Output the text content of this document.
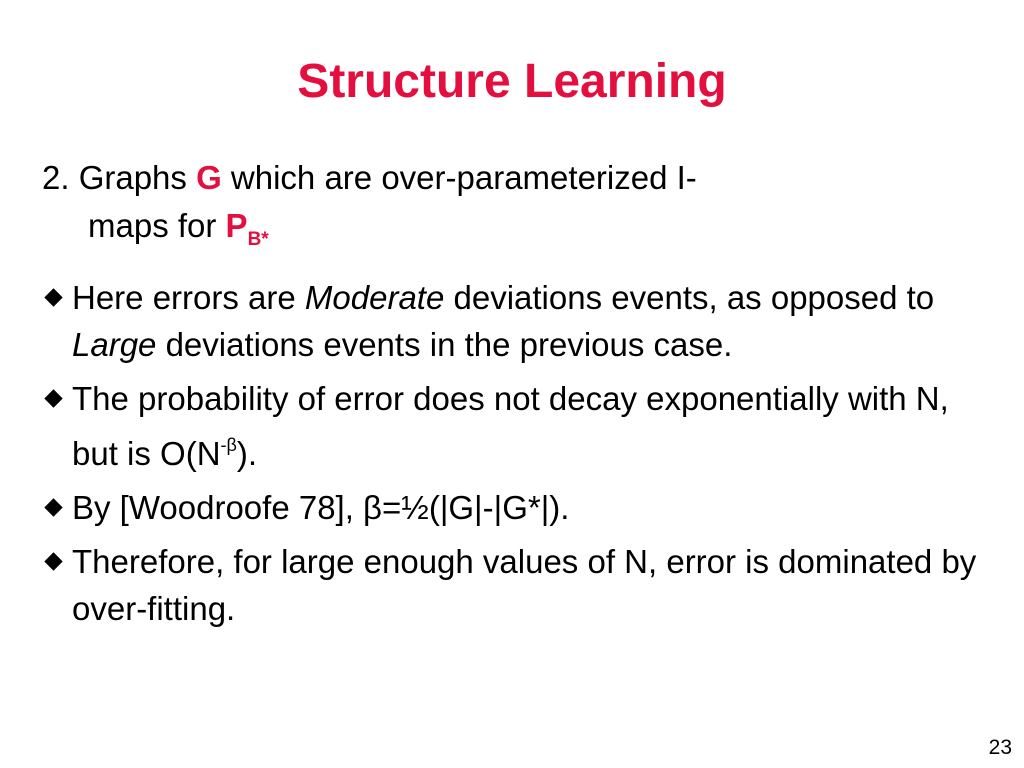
Structure Learning
2. Graphs G which are over-parameterized I-
maps for $P_{B*}$
Here errors are Moderate deviations events, as opposed to Large deviations events in the previous case.
The probability of error does not decay exponentially with N, but is $O(N^{-\beta})$.
By [Woodroofe 78], β=½(|G|-|G*|).
Therefore, for large enough values of N, error is dominated by over-fitting.
23
